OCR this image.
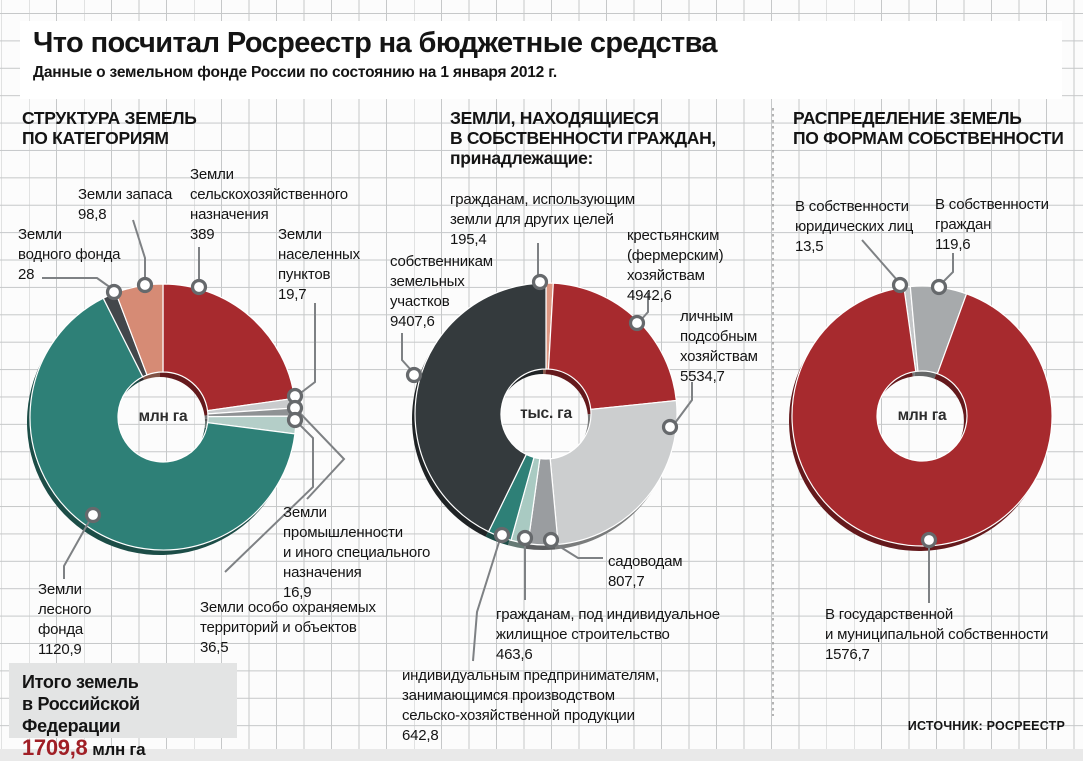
Что посчитал Росреестр на бюджетные средства
Данные о земельном фонде России по состоянию на 1 января 2012 г.
СТРУКТУРА ЗЕМЕЛЬ
ПО КАТЕГОРИЯМ
млн га
Земли
сельскохозяйственного
назначения
389	Земли
населенных
пунктов
19,7
Земли
промышленности
и иного специального
назначения
16,9
Земли особо охраняемых
территорий и объектов
36,5
Земли
лесного
фонда
1120,9
Земли
водного фонда
28
Земли запаса
98,8
ЗЕМЛИ, НАХОДЯЩИЕСЯ
В СОБСТВЕННОСТИ ГРАЖДАН,
принадлежащие:
тыс. га
гражданам, использующим
земли для других целей
195,4	крестьянским
(фермерским)
хозяйствам
4942,6
личным
подсобным
хозяйствам
5534,7
садоводам
807,7
гражданам, под индивидуальное
жилищное строительство
463,6
индивидуальным предпринимателям,
занимающимся производством
сельско-хозяйственной продукции
642,8
собственникам
земельных
участков
9407,6
РАСПРЕДЕЛЕНИЕ ЗЕМЕЛЬ
ПО ФОРМАМ СОБСТВЕННОСТИ
млн га
В собственности
юридических лиц
13,5
В собственности
граждан
119,6
В государственной
и муниципальной собственности
1576,7
Итого земель
в Российской Федерации
1709,8 млн га
ИСТОЧНИК: РОСРЕЕСТР
